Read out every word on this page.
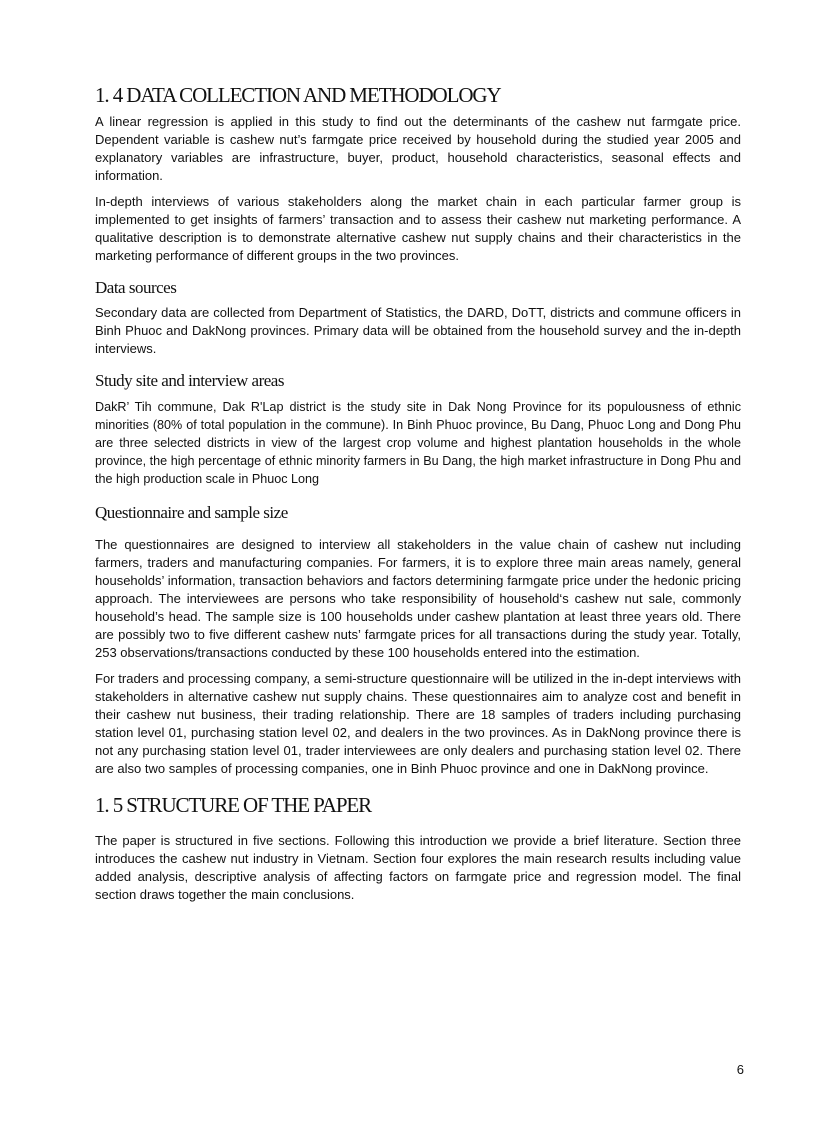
1. 4 DATA COLLECTION AND METHODOLOGY

A linear regression is applied in this study to find out the determinants of the cashew nut farmgate price. Dependent variable is cashew nut’s farmgate price received by household during the studied year 2005 and explanatory variables are infrastructure, buyer, product, household characteristics, seasonal effects and information.

In-depth interviews of various stakeholders along the market chain in each particular farmer group is implemented to get insights of farmers’ transaction and to assess their cashew nut marketing performance. A qualitative description is to demonstrate alternative cashew nut supply chains and their characteristics in the marketing performance of different groups in the two provinces.

Data sources

Secondary data are collected from Department of Statistics, the DARD, DoTT, districts and commune officers in Binh Phuoc and DakNong provinces. Primary data will be obtained from the household survey and the in-depth interviews.

Study site and interview areas

DakR’ Tih commune, Dak R'Lap district is the study site in Dak Nong Province for its populousness of ethnic minorities (80% of total population in the commune). In Binh Phuoc province, Bu Dang, Phuoc Long and Dong Phu are three selected districts in view of the largest crop volume and highest plantation households in the whole province, the high percentage of ethnic minority farmers in Bu Dang, the high market infrastructure in Dong Phu and the high production scale in Phuoc Long

Questionnaire and sample size

The questionnaires are designed to interview all stakeholders in the value chain of cashew nut including farmers, traders and manufacturing companies. For farmers, it is to explore three main areas namely, general households’ information, transaction behaviors and factors determining farmgate price under the hedonic pricing approach. The interviewees are persons who take responsibility of household‘s cashew nut sale, commonly household’s head. The sample size is 100 households under cashew plantation at least three years old. There are possibly two to five different cashew nuts’ farmgate prices for all transactions during the study year. Totally, 253 observations/transactions conducted by these 100 households entered into the estimation.

For traders and processing company, a semi-structure questionnaire will be utilized in the in-dept interviews with stakeholders in alternative cashew nut supply chains. These questionnaires aim to analyze cost and benefit in their cashew nut business, their trading relationship. There are 18 samples of traders including purchasing station level 01, purchasing station level 02, and dealers in the two provinces. As in DakNong province there is not any purchasing station level 01, trader interviewees are only dealers and purchasing station level 02. There are also two samples of processing companies, one in Binh Phuoc province and one in DakNong province.

1. 5 STRUCTURE OF THE PAPER

The paper is structured in five sections. Following this introduction we provide a brief literature. Section three introduces the cashew nut industry in Vietnam. Section four explores the main research results including value added analysis, descriptive analysis of affecting factors on farmgate price and regression model. The final section draws together the main conclusions.

6
